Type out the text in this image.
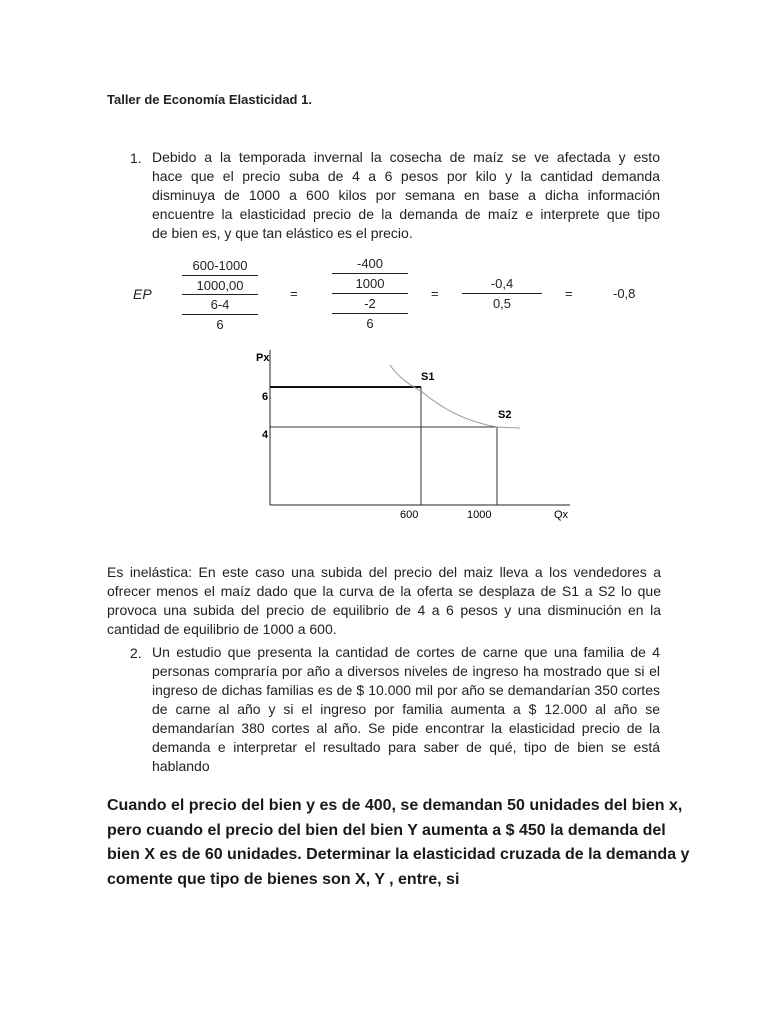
Taller de Economía Elasticidad 1.
1. Debido a la temporada invernal la cosecha de maíz se ve afectada y esto
hace que el precio suba de 4 a 6 pesos por kilo y la cantidad demanda
disminuya de 1000 a 600 kilos por semana en base a dicha información
encuentre la elasticidad precio de la demanda de maíz e interprete que tipo
de bien es, y que tan elástico es el precio.
EP
600-1000
1000,00
6-4
6
=
-400
1000
-2
6
=
-0,4
0,5
=	-0,8
Px
Qx
6
4
600	1000
S1
S2
Es inelástica: En este caso una subida del precio del maiz lleva a los vendedores a
ofrecer menos el maíz dado que la curva de la oferta se desplaza de S1 a S2 lo que
provoca una subida del precio de equilibrio de 4 a 6 pesos y una disminución en la
cantidad de equilibrio de 1000 a 600.
2. Un estudio que presenta la cantidad de cortes de carne que una familia de 4
personas compraría por año a diversos niveles de ingreso ha mostrado que si el
ingreso de dichas familias es de $ 10.000 mil por año se demandarían 350 cortes
de carne al año y si el ingreso por familia aumenta a $ 12.000 al año se
demandarían 380 cortes al año. Se pide encontrar la elasticidad precio de la
demanda e interpretar el resultado para saber de qué, tipo de bien se está
hablando
Cuando el precio del bien y es de 400, se demandan 50 unidades del bien x,
pero cuando el precio del bien del bien Y aumenta a $ 450 la demanda del
bien X es de 60 unidades. Determinar la elasticidad cruzada de la demanda y
comente que tipo de bienes son X, Y , entre, si
